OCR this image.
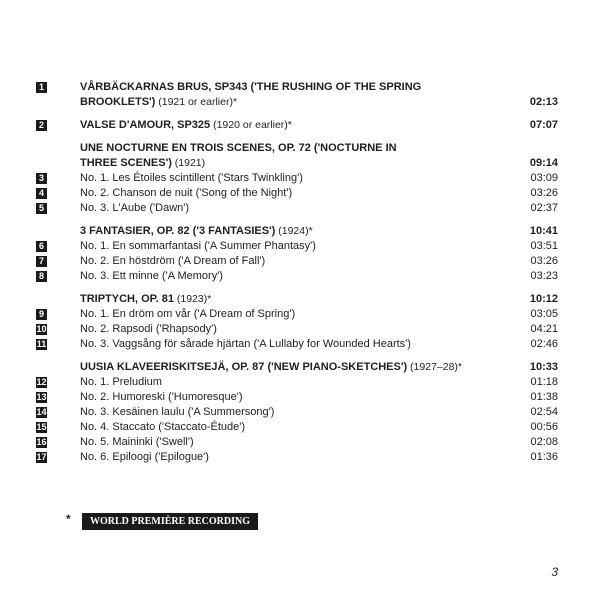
1	VÅRBÄCKARNAS BRUS, SP343 ('THE RUSHING OF THE SPRING
BROOKLETS') (1921 or earlier)*	02:13
2	VALSE D'AMOUR, SP325 (1920 or earlier)*	07:07
UNE NOCTURNE EN TROIS SCENES, OP. 72 ('NOCTURNE IN
THREE SCENES') (1921)	09:14
3	No. 1. Les Étoiles scintillent ('Stars Twinkling')	03:09
4	No. 2. Chanson de nuit ('Song of the Night')	03:26
5	No. 3. L'Aube ('Dawn')	02:37
3 FANTASIER, OP. 82 ('3 FANTASIES') (1924)*	10:41
6	No. 1. En sommarfantasi ('A Summer Phantasy')	03:51
7	No. 2. En höstdröm ('A Dream of Fall')	03:26
8	No. 3. Ett minne ('A Memory')	03:23
TRIPTYCH, OP. 81 (1923)*	10:12
9	No. 1. En dröm om vår ('A Dream of Spring')	03:05
10	No. 2. Rapsodi ('Rhapsody')	04:21
11	No. 3. Vaggsång för sårade hjärtan ('A Lullaby for Wounded Hearts')	02:46
UUSIA KLAVEERISKITSEJÄ, OP. 87 ('NEW PIANO-SKETCHES') (1927–28)*	10:33
12	No. 1. Preludium	01:18
13	No. 2. Humoreski ('Humoresque')	01:38
14	No. 3. Kesäinen laulu ('A Summersong')	02:54
15	No. 4. Staccato ('Staccato-Étude')	00:56
16	No. 5. Maininki ('Swell')	02:08
17	No. 6. Epiloogi ('Epilogue')	01:36
*	WORLD PREMIÈRE RECORDING
3
